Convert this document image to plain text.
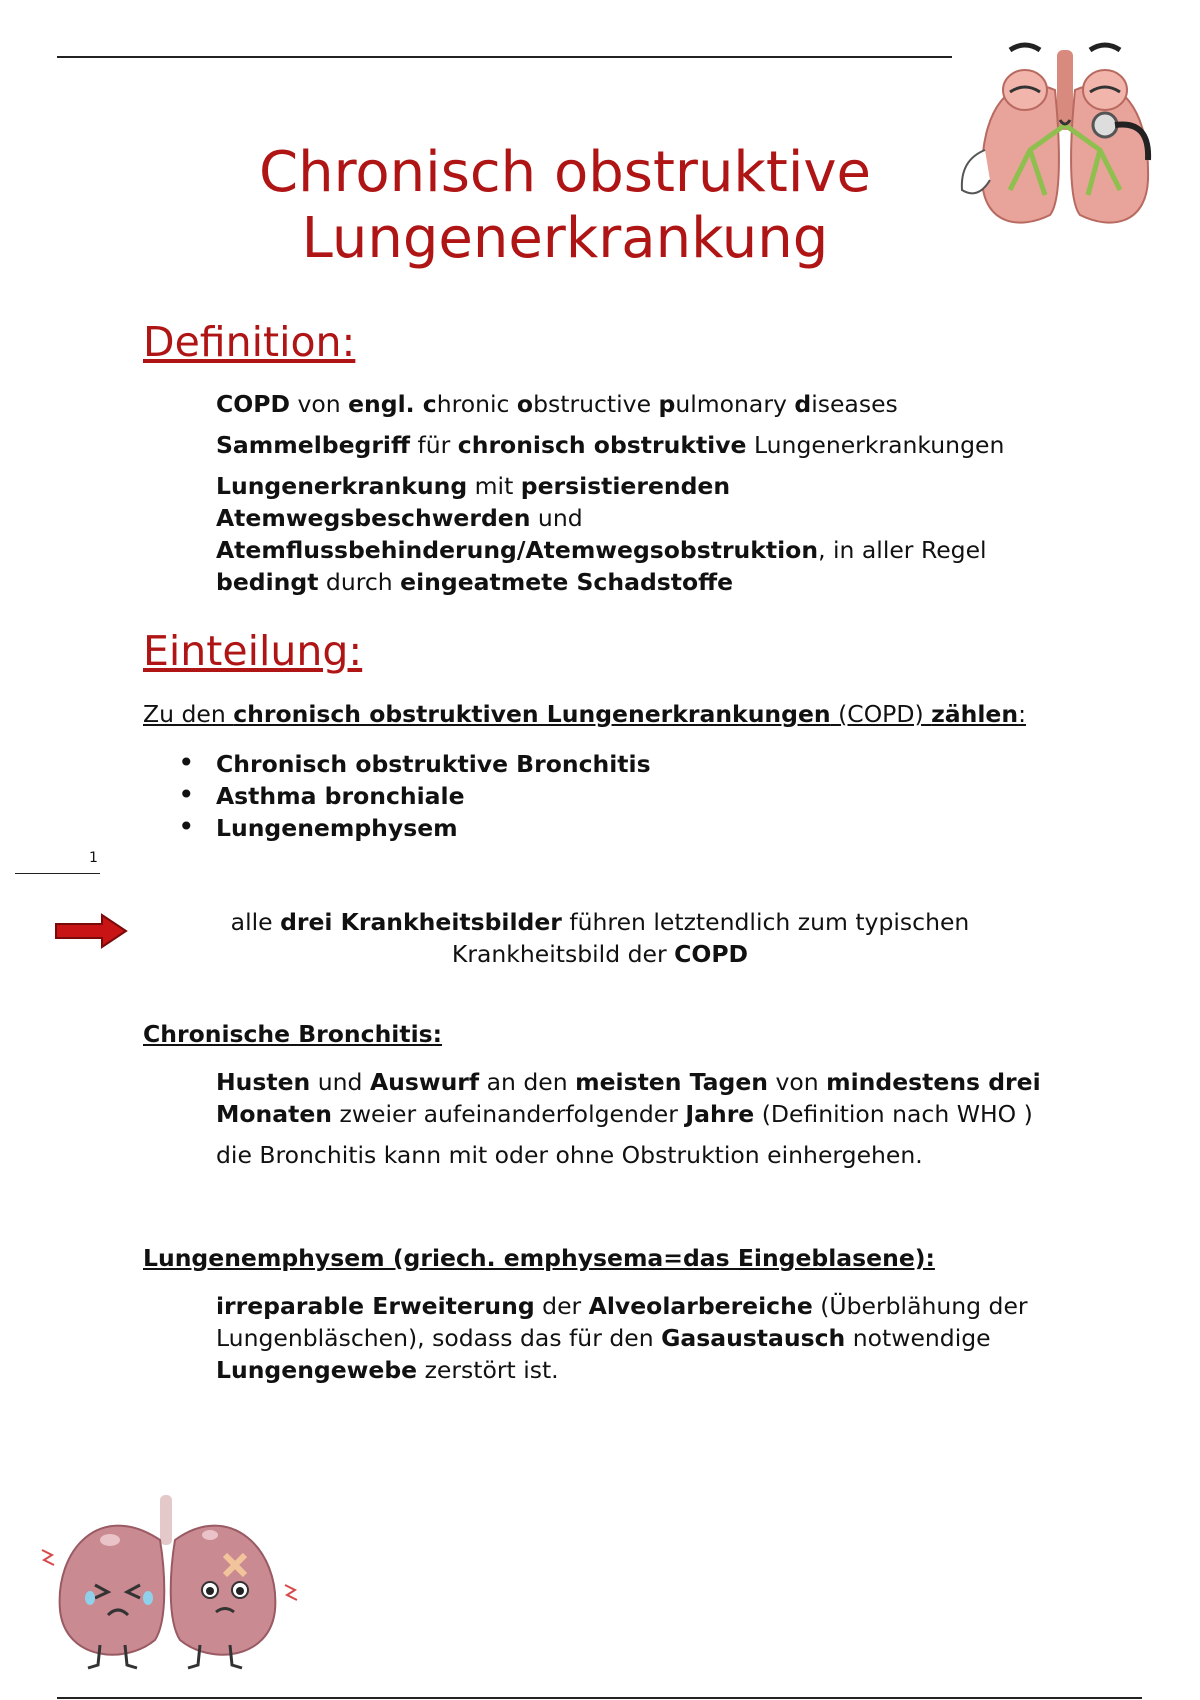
Chronisch obstruktive
Lungenerkrankung
Definition:
COPD von engl. chronic obstructive pulmonary diseases
Sammelbegriff für chronisch obstruktive Lungenerkrankungen
Lungenerkrankung mit persistierenden Atemwegsbeschwerden und Atemflussbehinderung/Atemwegsobstruktion, in aller Regel bedingt durch eingeatmete Schadstoffe
Einteilung:
Zu den chronisch obstruktiven Lungenerkrankungen (COPD) zählen:
• Chronisch obstruktive Bronchitis
• Asthma bronchiale
• Lungenemphysem
1
alle drei Krankheitsbilder führen letztendlich zum typischen Krankheitsbild der COPD
Chronische Bronchitis:
Husten und Auswurf an den meisten Tagen von mindestens drei Monaten zweier aufeinanderfolgender Jahre (Definition nach WHO )
die Bronchitis kann mit oder ohne Obstruktion einhergehen.
Lungenemphysem (griech. emphysema=das Eingeblasene):
irreparable Erweiterung der Alveolarbereiche (Überblähung der Lungenbläschen), sodass das für den Gasaustausch notwendige Lungengewebe zerstört ist.
